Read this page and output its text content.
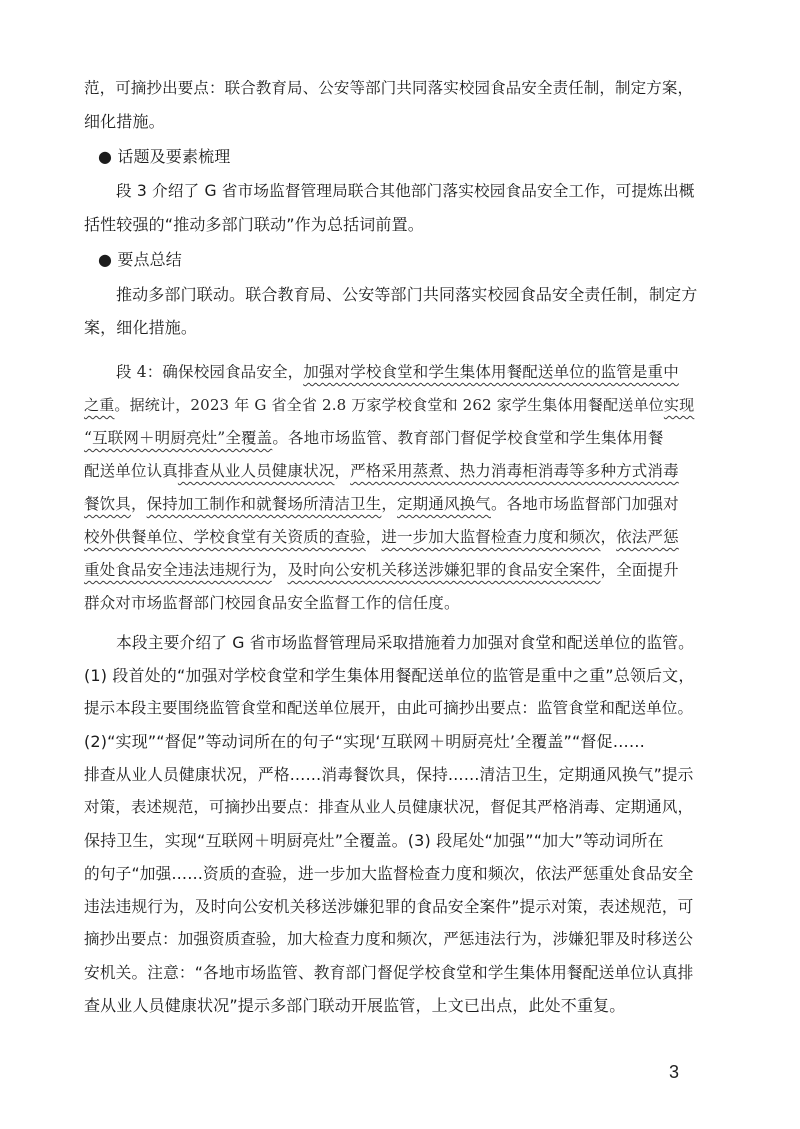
范，可摘抄出要点：联合教育局、公安等部门共同落实校园食品安全责任制，制定方案，
细化措施。
● 话题及要素梳理
段 3 介绍了 G 省市场监督管理局联合其他部门落实校园食品安全工作，可提炼出概
括性较强的“推动多部门联动”作为总括词前置。
● 要点总结
推动多部门联动。联合教育局、公安等部门共同落实校园食品安全责任制，制定方
案，细化措施。
段 4：确保校园食品安全，加强对学校食堂和学生集体用餐配送单位的监管是重中
之重。据统计，2023 年 G 省全省 2.8 万家学校食堂和 262 家学生集体用餐配送单位实现
“互联网＋明厨亮灶”全覆盖。各地市场监管、教育部门督促学校食堂和学生集体用餐
配送单位认真排查从业人员健康状况，严格采用蒸煮、热力消毒柜消毒等多种方式消毒
餐饮具，保持加工制作和就餐场所清洁卫生，定期通风换气。各地市场监督部门加强对
校外供餐单位、学校食堂有关资质的查验，进一步加大监督检查力度和频次，依法严惩
重处食品安全违法违规行为，及时向公安机关移送涉嫌犯罪的食品安全案件，全面提升
群众对市场监督部门校园食品安全监督工作的信任度。
本段主要介绍了 G 省市场监督管理局采取措施着力加强对食堂和配送单位的监管。
(1) 段首处的“加强对学校食堂和学生集体用餐配送单位的监管是重中之重”总领后文，
提示本段主要围绕监管食堂和配送单位展开，由此可摘抄出要点：监管食堂和配送单位。
(2)“实现”“督促”等动词所在的句子“实现‘互联网＋明厨亮灶’全覆盖”“督促……
排查从业人员健康状况，严格……消毒餐饮具，保持……清洁卫生，定期通风换气”提示
对策，表述规范，可摘抄出要点：排查从业人员健康状况，督促其严格消毒、定期通风，
保持卫生，实现“互联网＋明厨亮灶”全覆盖。(3) 段尾处“加强”“加大”等动词所在
的句子“加强……资质的查验，进一步加大监督检查力度和频次，依法严惩重处食品安全
违法违规行为，及时向公安机关移送涉嫌犯罪的食品安全案件”提示对策，表述规范，可
摘抄出要点：加强资质查验，加大检查力度和频次，严惩违法行为，涉嫌犯罪及时移送公
安机关。注意：“各地市场监管、教育部门督促学校食堂和学生集体用餐配送单位认真排
查从业人员健康状况”提示多部门联动开展监管，上文已出点，此处不重复。
3
